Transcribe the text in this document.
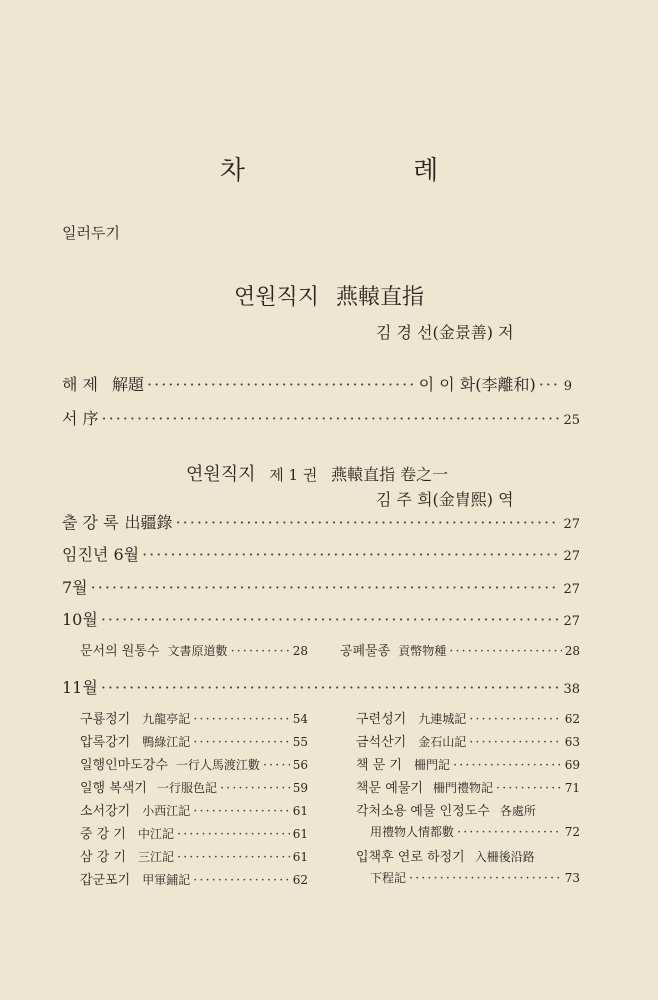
차 례
일러두기
연원직지 燕轅直指
김 경 선(金景善) 저
해 제 解題 ·····	이 이 화(李離和) ····· 9
서 序 ·····	25
연원직지 제 1 권 燕轅直指 卷之一
김 주 희(金胄熙) 역
출 강 록 出疆錄 ·····	27
임진년 6월 ·····	27
7월 ·····	27
10월 ·····	27
문서의 원통수 文書原道數 ·····	28 공폐물종 貢幣物種 ·····	28
11월 ·····	38
구룡정기 九龍亭記 ·····	54
압록강기 鴨綠江記 ·····	55
일행인마도강수 一行人馬渡江數 ·····	56
일행 복색기 一行服色記 ·····	59
소서강기 小西江記 ·····	61
중 강 기 中江記 ·····	61
삼 강 기 三江記 ·····	61
갑군포기 甲軍鋪記 ·····	62
구련성기 九連城記 ·····	62
금석산기 金石山記 ·····	63
책 문 기 柵門記 ·····	69
책문 예물기 柵門禮物記 ·····	71
각처소용 예물 인정도수 各處所
用禮物人情都數 ·····	72
입책후 연로 하정기 入柵後沿路
下程記 ·····	73
